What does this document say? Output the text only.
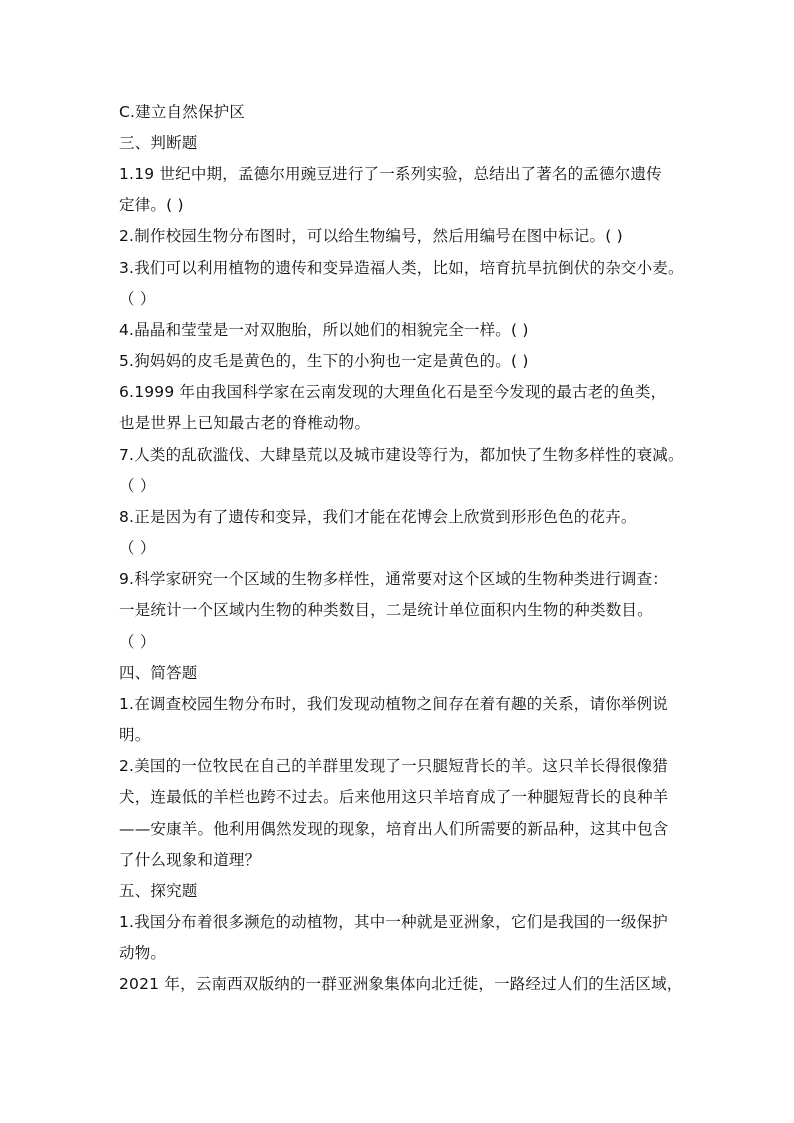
C.建立自然保护区
三、判断题
1.19 世纪中期，孟德尔用豌豆进行了一系列实验，总结出了著名的孟德尔遗传
定律。( )
2.制作校园生物分布图时，可以给生物编号，然后用编号在图中标记。( )
3.我们可以利用植物的遗传和变异造福人类，比如，培育抗旱抗倒伏的杂交小麦。
（ ）
4.晶晶和莹莹是一对双胞胎，所以她们的相貌完全一样。( )
5.狗妈妈的皮毛是黄色的，生下的小狗也一定是黄色的。( )
6.1999 年由我国科学家在云南发现的大理鱼化石是至今发现的最古老的鱼类，
也是世界上已知最古老的脊椎动物。
7.人类的乱砍滥伐、大肆垦荒以及城市建设等行为，都加快了生物多样性的衰减。
（ ）
8.正是因为有了遗传和变异，我们才能在花博会上欣赏到形形色色的花卉。
（ ）
9.科学家研究一个区域的生物多样性，通常要对这个区域的生物种类进行调查：
一是统计一个区域内生物的种类数目，二是统计单位面积内生物的种类数目。
（ ）
四、简答题
1.在调查校园生物分布时，我们发现动植物之间存在着有趣的关系，请你举例说
明。
2.美国的一位牧民在自己的羊群里发现了一只腿短背长的羊。这只羊长得很像猎
犬，连最低的羊栏也跨不过去。后来他用这只羊培育成了一种腿短背长的良种羊
——安康羊。他利用偶然发现的现象，培育出人们所需要的新品种，这其中包含
了什么现象和道理？
五、探究题
1.我国分布着很多濒危的动植物，其中一种就是亚洲象，它们是我国的一级保护
动物。
2021 年，云南西双版纳的一群亚洲象集体向北迁徙，一路经过人们的生活区域，
